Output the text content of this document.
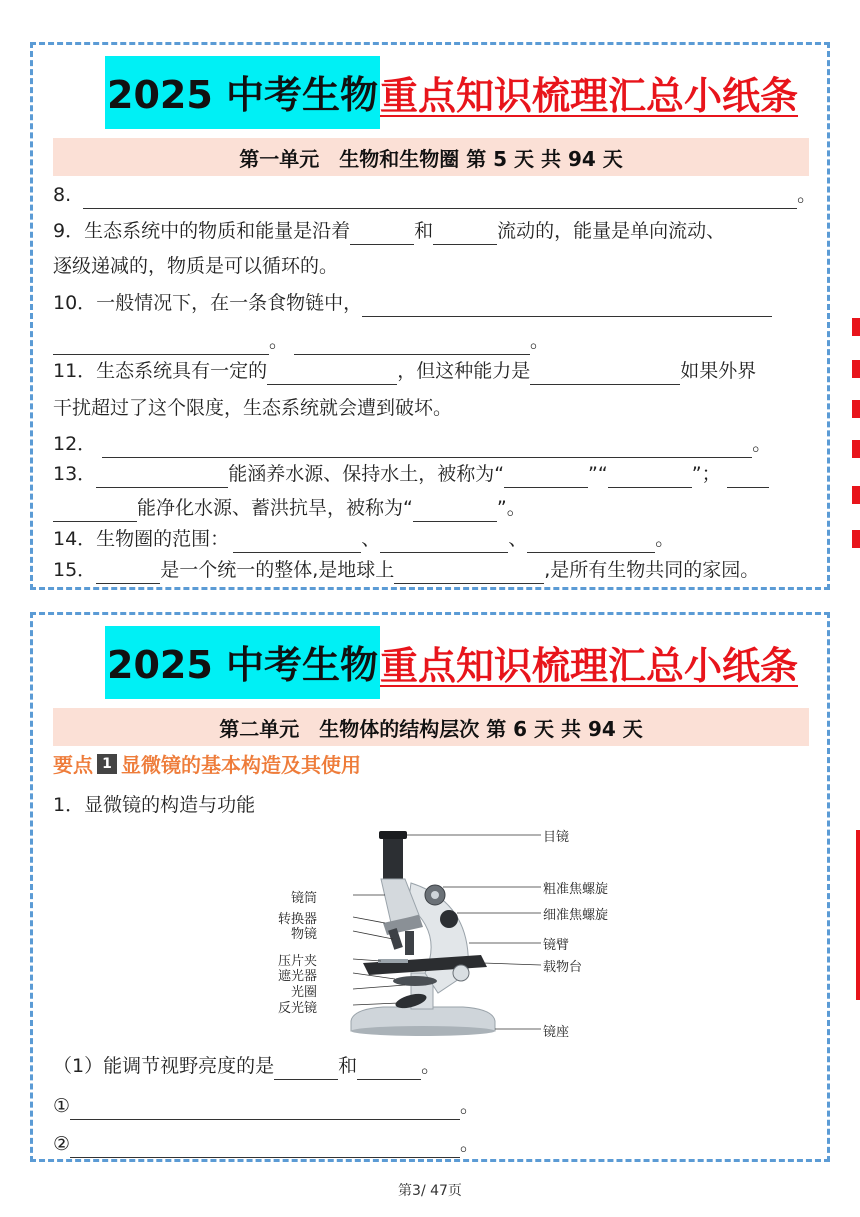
2025 中考生物 重点知识梳理汇总小纸条
第一单元　生物和生物圈 第 5 天 共 94 天
8.	。
9．生态系统中的物质和能量是沿着	和	流动的，能量是单向流动、
逐级递减的，物质是可以循环的。
10．一般情况下，在一条食物链中，
。	。
11．生态系统具有一定的	，但这种能力是	如果外界
干扰超过了这个限度，生态系统就会遭到破坏。
12．	。
13．	能涵养水源、保持水土，被称为“	”“	”；
能净化水源、蓄洪抗旱，被称为“	”。
14．生物圈的范围：	、	、	。
15．	是一个统一的整体,是地球上	,是所有生物共同的家园。
2025 中考生物 重点知识梳理汇总小纸条
第二单元　生物体的结构层次 第 6 天 共 94 天
要点 1 显微镜的基本构造及其使用
1．显微镜的构造与功能
目镜
镜筒
粗准焦螺旋
转换器
物镜
细准焦螺旋
镜臂
压片夹	载物台
遮光器
光圈
反光镜
镜座
（1）能调节视野亮度的是	和	。
①	。
②	。
第3/ 47页
